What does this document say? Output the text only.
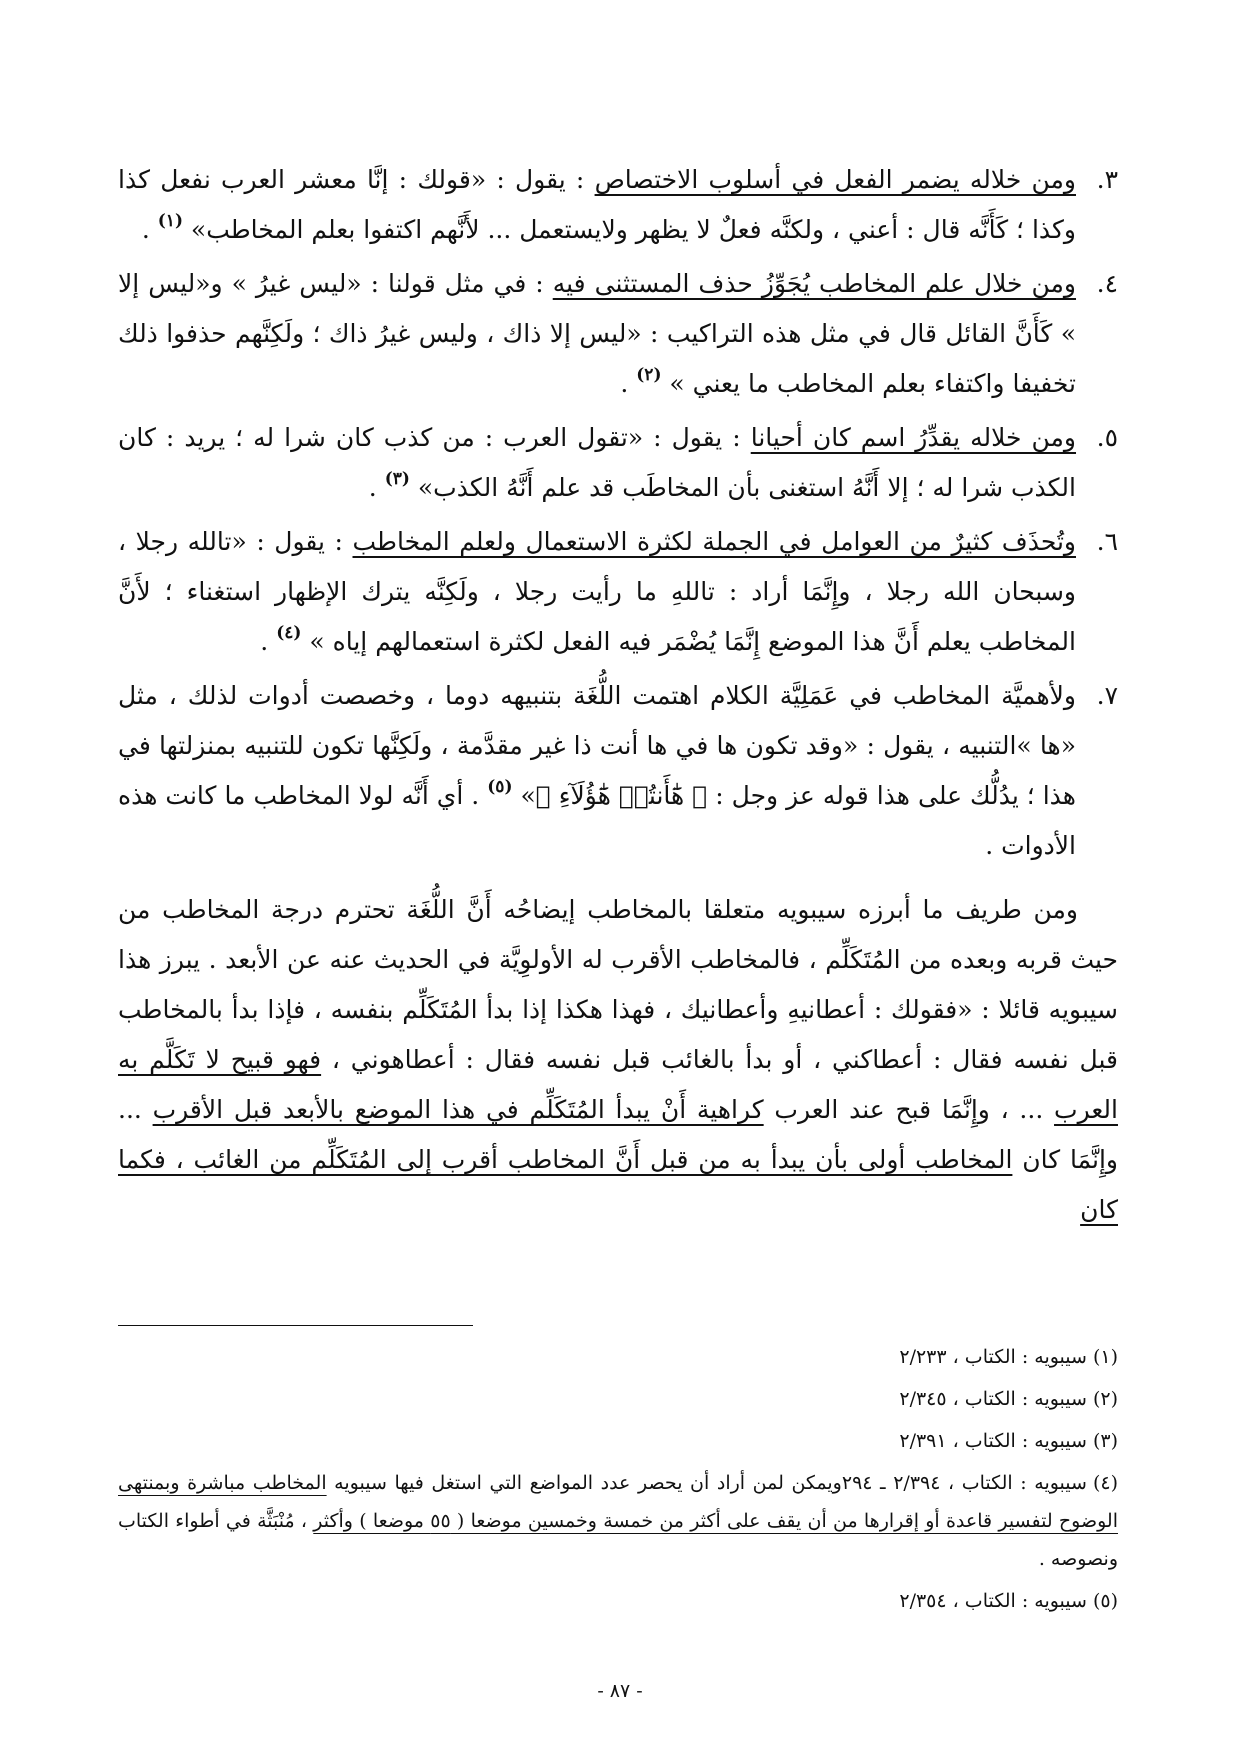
٣.
ومن خلاله يضمر الفعل في أسلوب الاختصاص : يقول : «قولك : إنَّا معشر العرب نفعل كذا وكذا ؛ كَأَنَّه قال : أعني ، ولكنَّه فعلٌ لا يظهر ولايستعمل ... لأَنَّهم اكتفوا بعلم المخاطب» $^{(١)}$ .
٤.
ومن خلال علم المخاطب يُجَوِّزُ حذف المستثنى فيه : في مثل قولنا : «ليس غيرُ » و«ليس إلا » كَأَنَّ القائل قال في مثل هذه التراكيب : «ليس إلا ذاك ، وليس غيرُ ذاك ؛ ولَكِنَّهم حذفوا ذلك تخفيفا واكتفاء بعلم المخاطب ما يعني » $^{(٢)}$ .
٥.
ومن خلاله يقدِّرُ اسم كان أحيانا : يقول : «تقول العرب : من كذب كان شرا له ؛ يريد : كان الكذب شرا له ؛ إلا أَنَّهُ استغنى بأن المخاطَب قد علم أَنَّهُ الكذب» $^{(٣)}$ .
٦.
وتُحذَف كثيرٌ من العوامل في الجملة لكثرة الاستعمال ولعلم المخاطب : يقول : «تالله رجلا ، وسبحان الله رجلا ، وإِنَّمَا أراد : تاللهِ ما رأيت رجلا ، ولَكِنَّه يترك الإظهار استغناء ؛ لأَنَّ المخاطب يعلم أَنَّ هذا الموضع إِنَّمَا يُضْمَر فيه الفعل لكثرة استعمالهم إياه » $^{(٤)}$ .
٧.
ولأهميَّة المخاطب في عَمَلِيَّة الكلام اهتمت اللُّغَة بتنبيهه دوما ، وخصصت أدوات لذلك ، مثل «ها »التنبيه ، يقول : «وقد تكون ها في ها أنت ذا غير مقدَّمة ، ولَكِنَّها تكون للتنبيه بمنزلتها في هذا ؛ يدُلُّك على هذا قوله عز وجل : ﴿ هَٰٓأَنتُمۡ هَٰٓؤُلَآءِ ﴾» $^{(٥)}$ . أي أَنَّه لولا المخاطب ما كانت هذه الأدوات .

ومن طريف ما أبرزه سيبويه متعلقا بالمخاطب إيضاحُه أَنَّ اللُّغَة تحترم درجة المخاطب من حيث قربه وبعده من المُتَكَلِّم ، فالمخاطب الأقرب له الأولوِيَّة في الحديث عنه عن الأبعد . يبرز هذا سيبويه قائلا : «فقولك : أعطانيهِ وأعطانيك ، فهذا هكذا إذا بدأ المُتَكَلِّم بنفسه ، فإذا بدأ بالمخاطب قبل نفسه فقال : أعطاكني ، أو بدأ بالغائب قبل نفسه فقال : أعطاهوني ، فهو قبيح لا تَكَلَّم به العرب ... ، وإِنَّمَا قبح عند العرب كراهية أَنْ يبدأ المُتَكَلِّم في هذا الموضع بالأبعد قبل الأقرب ... وإِنَّمَا كان المخاطب أولى بأن يبدأ به من قبل أَنَّ المخاطب أقرب إلى المُتَكَلِّم من الغائب ، فكما كان

(١)سيبويه : الكتاب ، ٢/٢٣٣
(٢)سيبويه : الكتاب ، ٢/٣٤٥
(٣)سيبويه : الكتاب ، ٢/٣٩١
(٤)سيبويه : الكتاب ، ٢/٣٩٤ ـ ٢٩٤ويمكن لمن أراد أن يحصر عدد المواضع التي استغل فيها سيبويه المخاطب مباشرة وبمنتهى الوضوح لتفسير قاعدة أو إقرارها من أن يقف على أكثر من خمسة وخمسين موضعا ( ٥٥ موضعا ) وأكثر ، مُنْبَثَّة في أطواء الكتاب ونصوصه .
(٥)سيبويه : الكتاب ، ٢/٣٥٤
- ٨٧ -
